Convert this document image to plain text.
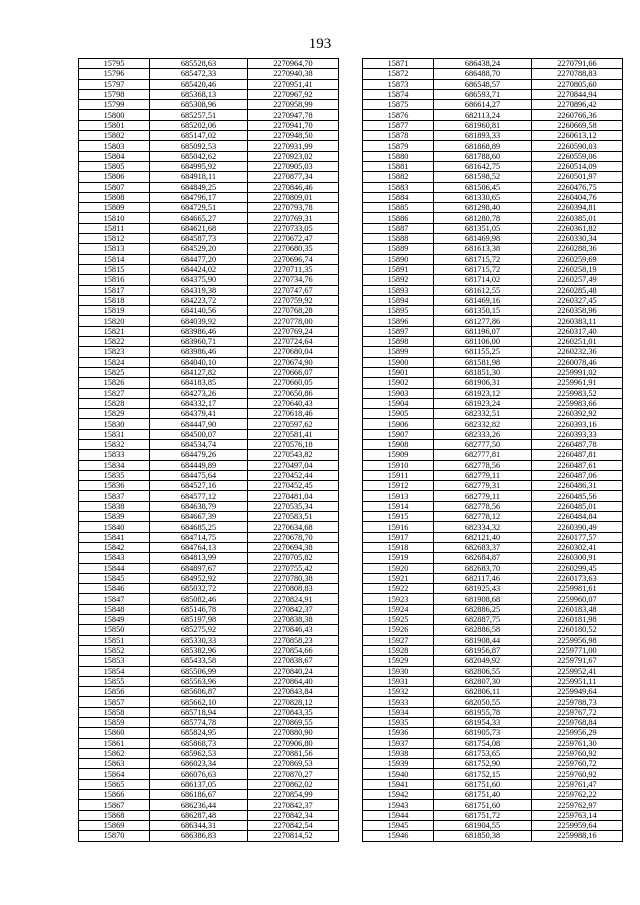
193
15795	685528,63	2270964,70
15796	685472,33	2270940,38
15797	685420,46	2270951,41
15798	685368,13	2270967,92
15799	685308,96	2270958,99
15800	685257,51	2270947,78
15801	685202,06	2270941,70
15802	685147,02	2270948,50
15803	685092,53	2270931,99
15804	685042,62	2270923,02
15805	684995,92	2270905,03
15806	684918,11	2270877,34
15807	684849,25	2270846,46
15808	684796,17	2270809,01
15809	684729,51	2270793,78
15810	684665,27	2270769,31
15811	684621,68	2270733,05
15812	684587,73	2270672,47
15813	684529,20	2270680,35
15814	684477,20	2270696,74
15815	684424,02	2270711,35
15816	684375,90	2270734,76
15817	684319,38	2270747,67
15818	684223,72	2270759,92
15819	684140,56	2270768,28
15820	684039,92	2270778,00
15821	683986,46	2270769,24
15822	683960,71	2270724,64
15823	683986,46	2270680,04
15824	684040,10	2270674,90
15825	684127,82	2270666,07
15826	684183,85	2270660,05
15827	684273,26	2270650,86
15828	684332,17	2270640,43
15829	684379,41	2270618,46
15830	684447,90	2270597,62
15831	684500,07	2270581,41
15832	684534,74	2270576,18
15833	684479,26	2270543,82
15834	684449,89	2270497,04
15835	684475,64	2270452,44
15836	684527,16	2270452,45
15837	684577,12	2270481,04
15838	684638,79	2270535,34
15839	684667,39	2270583,51
15840	684685,25	2270634,68
15841	684714,75	2270678,70
15842	684764,13	2270694,38
15843	684813,99	2270705,82
15844	684897,67	2270755,42
15845	684952,92	2270780,38
15846	685032,72	2270808,83
15847	685082,46	2270824,91
15848	685146,78	2270842,37
15849	685197,98	2270838,38
15850	685275,92	2270846,43
15851	685330,33	2270858,23
15852	685382,96	2270854,66
15853	685433,58	2270838,67
15854	685506,99	2270840,24
15855	685563,96	2270864,40
15856	685606,87	2270843,84
15857	685662,10	2270828,12
15858	685718,94	2270843,35
15859	685774,78	2270869,55
15860	685824,95	2270880,90
15861	685868,73	2270906,80
15862	685962,53	2270881,56
15863	686023,34	2270869,53
15864	686076,63	2270870,27
15865	686137,05	2270862,02
15866	686186,67	2270854,99
15867	686236,44	2270842,37
15868	686287,48	2270842,34
15869	686344,31	2270842,54
15870	686386,83	2270814,52
15871	686438,24	2270791,66
15872	686488,70	2270788,83
15873	686548,57	2270805,60
15874	686593,71	2270844,94
15875	686614,27	2270896,42
15876	682113,24	2260766,36
15877	681960,81	2260669,58
15878	681893,33	2260613,12
15879	681868,89	2260590,03
15880	681788,60	2260559,06
15881	681642,75	2260514,09
15882	681598,52	2260501,97
15883	681506,45	2260476,75
15884	681330,65	2260404,76
15885	681298,40	2260394,81
15886	681280,78	2260385,01
15887	681351,05	2260361,82
15888	681469,98	2260330,34
15889	681613,38	2260288,36
15890	681715,72	2260259,69
15891	681715,72	2260258,19
15892	681714,02	2260257,49
15893	681612,55	2260285,48
15894	681469,16	2260327,45
15895	681350,15	2260358,96
15896	681277,86	2260383,11
15897	681196,07	2260317,40
15898	681106,00	2260251,01
15899	681155,25	2260232,36
15900	681581,98	2260078,46
15901	681851,30	2259991,02
15902	681906,31	2259961,91
15903	681923,12	2259983,52
15904	681923,24	2259983,66
15905	682332,51	2260392,92
15906	682332,82	2260393,16
15907	682333,26	2260393,33
15908	682777,50	2260487,78
15909	682777,81	2260487,81
15910	682778,56	2260487,61
15911	682779,11	2260487,06
15912	682779,31	2260486,31
15913	682779,11	2260485,56
15914	682778,56	2260485,01
15915	682778,12	2260484,84
15916	682334,32	2260390,49
15917	682121,40	2260177,57
15918	682683,37	2260302,41
15919	682684,87	2260300,91
15920	682683,70	2260299,45
15921	682117,46	2260173,63
15922	681925,43	2259981,61
15923	681908,68	2259960,07
15924	682886,25	2260183,48
15925	682887,75	2260181,98
15926	682886,58	2260180,52
15927	681908,44	2259956,98
15928	681956,87	2259771,00
15929	682049,92	2259791,67
15930	682806,55	2259952,41
15931	682807,30	2259951,11
15932	682806,11	2259949,64
15933	682050,55	2259788,73
15934	681955,78	2259767,72
15935	681954,33	2259768,84
15936	681905,73	2259956,29
15937	681754,08	2259761,30
15938	681753,65	2259760,92
15939	681752,90	2259760,72
15940	681752,15	2259760,92
15941	681751,60	2259761,47
15942	681751,40	2259762,22
15943	681751,60	2259762,97
15944	681751,72	2259763,14
15945	681904,55	2259959,64
15946	681850,38	2259988,16
